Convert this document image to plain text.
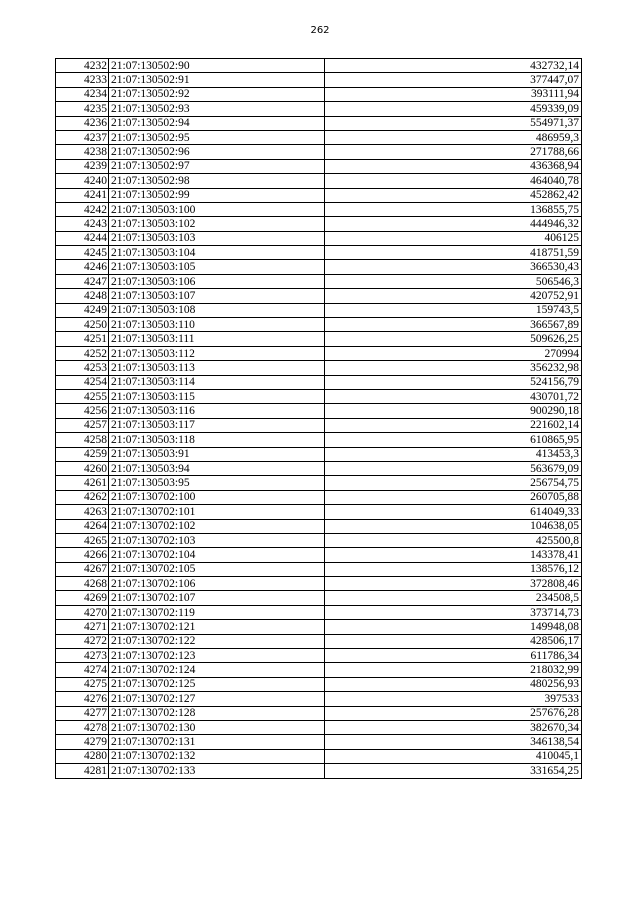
262
4232	21:07:130502:90	432732,14
4233	21:07:130502:91	377447,07
4234	21:07:130502:92	393111,94
4235	21:07:130502:93	459339,09
4236	21:07:130502:94	554971,37
4237	21:07:130502:95	486959,3
4238	21:07:130502:96	271788,66
4239	21:07:130502:97	436368,94
4240	21:07:130502:98	464040,78
4241	21:07:130502:99	452862,42
4242	21:07:130503:100	136855,75
4243	21:07:130503:102	444946,32
4244	21:07:130503:103	406125
4245	21:07:130503:104	418751,59
4246	21:07:130503:105	366530,43
4247	21:07:130503:106	506546,3
4248	21:07:130503:107	420752,91
4249	21:07:130503:108	159743,5
4250	21:07:130503:110	366567,89
4251	21:07:130503:111	509626,25
4252	21:07:130503:112	270994
4253	21:07:130503:113	356232,98
4254	21:07:130503:114	524156,79
4255	21:07:130503:115	430701,72
4256	21:07:130503:116	900290,18
4257	21:07:130503:117	221602,14
4258	21:07:130503:118	610865,95
4259	21:07:130503:91	413453,3
4260	21:07:130503:94	563679,09
4261	21:07:130503:95	256754,75
4262	21:07:130702:100	260705,88
4263	21:07:130702:101	614049,33
4264	21:07:130702:102	104638,05
4265	21:07:130702:103	425500,8
4266	21:07:130702:104	143378,41
4267	21:07:130702:105	138576,12
4268	21:07:130702:106	372808,46
4269	21:07:130702:107	234508,5
4270	21:07:130702:119	373714,73
4271	21:07:130702:121	149948,08
4272	21:07:130702:122	428506,17
4273	21:07:130702:123	611786,34
4274	21:07:130702:124	218032,99
4275	21:07:130702:125	480256,93
4276	21:07:130702:127	397533
4277	21:07:130702:128	257676,28
4278	21:07:130702:130	382670,34
4279	21:07:130702:131	346138,54
4280	21:07:130702:132	410045,1
4281	21:07:130702:133	331654,25
